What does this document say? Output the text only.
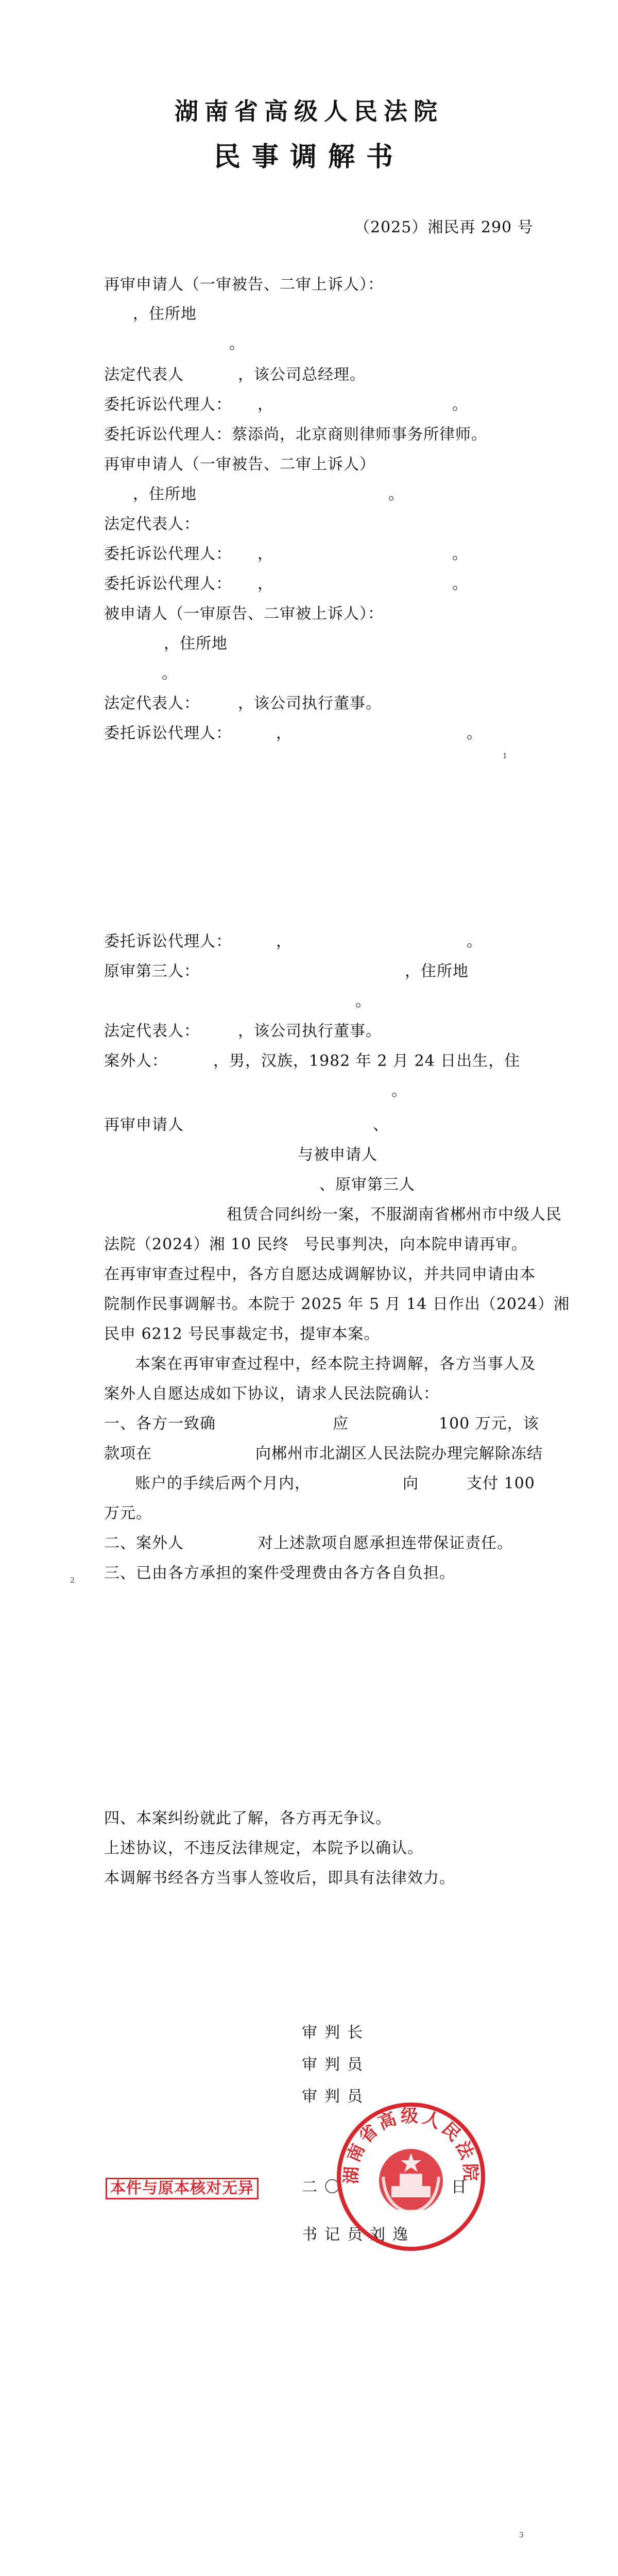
湖南省高级人民法院
民事调解书
（2025）湘民再 290 号
再审申请人（一审被告、二审上诉人）：
，住所地
。
法定代表人	，该公司总经理。
委托诉讼代理人： ，	。
委托诉讼代理人：蔡添尚，北京商则律师事务所律师。
再审申请人（一审被告、二审上诉人）
，住所地	。
法定代表人：
委托诉讼代理人： ，	。
委托诉讼代理人： ，	。
被申请人（一审原告、二审被上诉人）：
，住所地
。
法定代表人： ，该公司执行董事。
委托诉讼代理人：	，	。
1
委托诉讼代理人：	，	。
原审第三人：	，住所地
。
法定代表人： ，该公司执行董事。
案外人：	，男，汉族，1982 年 2 月 24 日出生，住
。
再审申请人	、
与被申请人
、原审第三人
租赁合同纠纷一案，不服湖南省郴州市中级人民
法院（2024）湘 10 民终 号民事判决，向本院申请再审。
在再审审查过程中，各方自愿达成调解协议，并共同申请由本
院制作民事调解书。本院于 2025 年 5 月 14 日作出（2024）湘
民申 6212 号民事裁定书，提审本案。
本案在再审审查过程中，经本院主持调解，各方当事人及
案外人自愿达成如下协议，请求人民法院确认：
一、各方一致确	应	100 万元，该
款项在	向郴州市北湖区人民法院办理完解除冻结
账户的手续后两个月内，	向	支付 100
万元。
二、案外人	对上述款项自愿承担连带保证责任。
三、已由各方承担的案件受理费由各方各自负担。
2
四、本案纠纷就此了解，各方再无争议。
上述协议，不违反法律规定，本院予以确认。
本调解书经各方当事人签收后，即具有法律效力。
审判长
审判员
审判员
二〇	日
书记员刘逸
本件与原本核对无异
湖南省高级人民法院
3
